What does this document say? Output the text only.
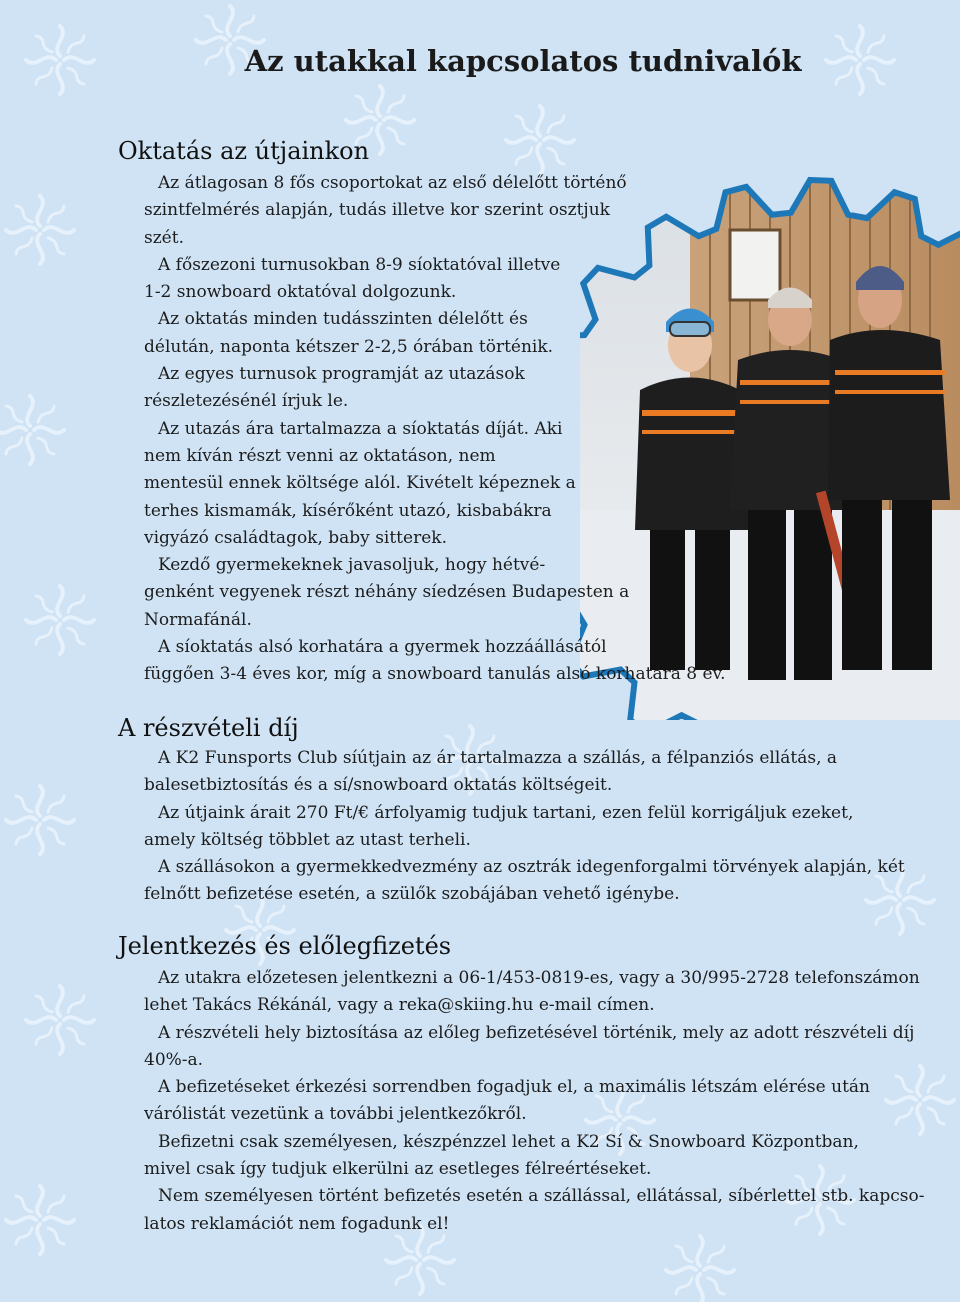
Az utakkal kapcsolatos tudnivalók
Oktatás az útjainkon

Az átlagosan 8 fős csoportokat az első délelőtt történő

szintfelmérés alapján, tudás illetve kor szerint osztjuk

szét.

A főszezoni turnusokban 8-9 síoktatóval illetve

1-2 snowboard oktatóval dolgozunk.

Az oktatás minden tudásszinten délelőtt és

délután, naponta kétszer 2-2,5 órában történik.

Az egyes turnusok programját az utazások

részletezésénél írjuk le.

Az utazás ára tartalmazza a síoktatás díját. Aki

nem kíván részt venni az oktatáson, nem

mentesül ennek költsége alól. Kivételt képeznek a

terhes kismamák, kísérőként utazó, kisbabákra

vigyázó családtagok, baby sitterek.

Kezdő gyermekeknek javasoljuk, hogy hétvé-

genként vegyenek részt néhány síedzésen Budapesten a

Normafánál.

A síoktatás alsó korhatára a gyermek hozzáállásától

függően 3-4 éves kor, míg a snowboard tanulás alsó korhatára 8 év.

A részvételi díj

A K2 Funsports Club síútjain az ár tartalmazza a szállás, a félpanziós ellátás, a

balesetbiztosítás és a sí/snowboard oktatás költségeit.

Az útjaink árait 270 Ft/€ árfolyamig tudjuk tartani, ezen felül korrigáljuk ezeket,

amely költség többlet az utast terheli.

A szállásokon a gyermekkedvezmény az osztrák idegenforgalmi törvények alapján, két

felnőtt befizetése esetén, a szülők szobájában vehető igénybe.

Jelentkezés és előlegfizetés

Az utakra előzetesen jelentkezni a 06-1/453-0819-es, vagy a 30/995-2728 telefonszámon

lehet Takács Rékánál, vagy a reka@skiing.hu e-mail címen.

A részvételi hely biztosítása az előleg befizetésével történik, mely az adott részvételi díj

40%-a.

A befizetéseket érkezési sorrendben fogadjuk el, a maximális létszám elérése után

várólistát vezetünk a további jelentkezőkről.

Befizetni csak személyesen, készpénzzel lehet a K2 Sí & Snowboard Központban,

mivel csak így tudjuk elkerülni az esetleges félreértéseket.

Nem személyesen történt befizetés esetén a szállással, ellátással, síbérlettel stb. kapcso-

latos reklamációt nem fogadunk el!
